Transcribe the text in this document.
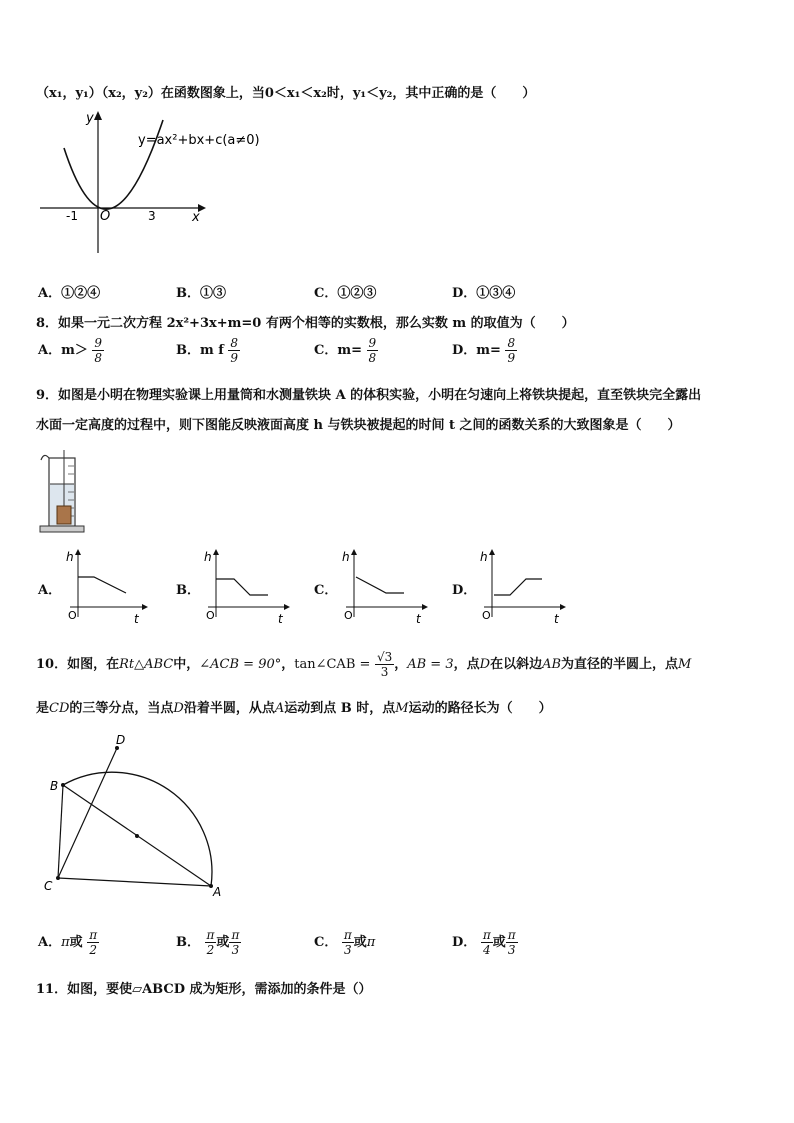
（x₁，y₁）（x₂，y₂）在函数图象上，当0＜x₁＜x₂时，y₁＜y₂，其中正确的是（　　）
y=ax²+bx+c(a≠0)
x
y
O
-1	3
A．①②④	B．①③	C．①②③	D．①③④
8．如果一元二次方程 2x²+3x+m=0 有两个相等的实数根，那么实数 m 的取值为（　　）
A．$m> \frac{9}{8}$	B．m f $\frac{8}{9}$	C．$m= \frac{9}{8}$	D．$m= \frac{8}{9}$
9．如图是小明在物理实验课上用量筒和水测量铁块 A 的体积实验，小明在匀速向上将铁块提起，直至铁块完全露出
水面一定高度的过程中，则下图能反映液面高度 h 与铁块被提起的时间 t 之间的函数关系的大致图象是（　　）
A．
h
t
O
B．
h
t
O
C．
h
t
O
D．
h
t
O
10．如图，在Rt△ABC中，∠ACB = 90°，tan∠CAB = $\frac{√3}{3}$ ，AB = 3，点D在以斜边AB为直径的半圆上，点M
是CD的三等分点，当点D沿着半圆，从点A运动到点 B 时，点M运动的路径长为（　　）
D
B
C	A
A．π或 $\frac{\pi}{2}$	B． $\frac{\pi}{2}$ 或 $\frac{\pi}{3}$	C． $\frac{\pi}{3}$ 或π	D． $\frac{\pi}{4}$ 或 $\frac{\pi}{3}$
11．如图，要使▱ABCD 成为矩形，需添加的条件是（）
